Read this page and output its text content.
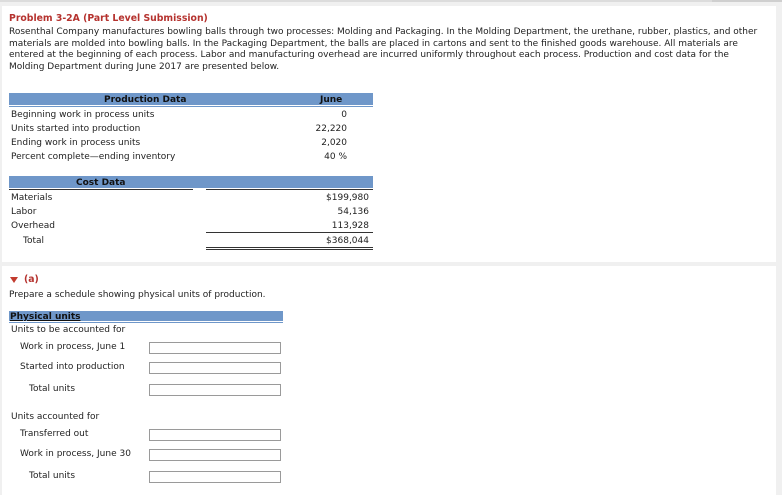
Problem 3-2A (Part Level Submission)
Rosenthal Company manufactures bowling balls through two processes: Molding and Packaging. In the Molding Department, the urethane, rubber, plastics, and other materials are molded into bowling balls. In the Packaging Department, the balls are placed in cartons and sent to the finished goods warehouse. All materials are entered at the beginning of each process. Labor and manufacturing overhead are incurred uniformly throughout each process. Production and cost data for the Molding Department during June 2017 are presented below.
Production Data	June
Beginning work in process units	0
Units started into production	22,220
Ending work in process units	2,020
Percent complete—ending inventory	40 %
Cost Data
Materials	$199,980
Labor	54,136
Overhead	113,928
Total	$368,044
(a)
Prepare a schedule showing physical units of production.
Physical units
Units to be accounted for
Work in process, June 1
Started into production
Total units
Units accounted for
Transferred out
Work in process, June 30
Total units
